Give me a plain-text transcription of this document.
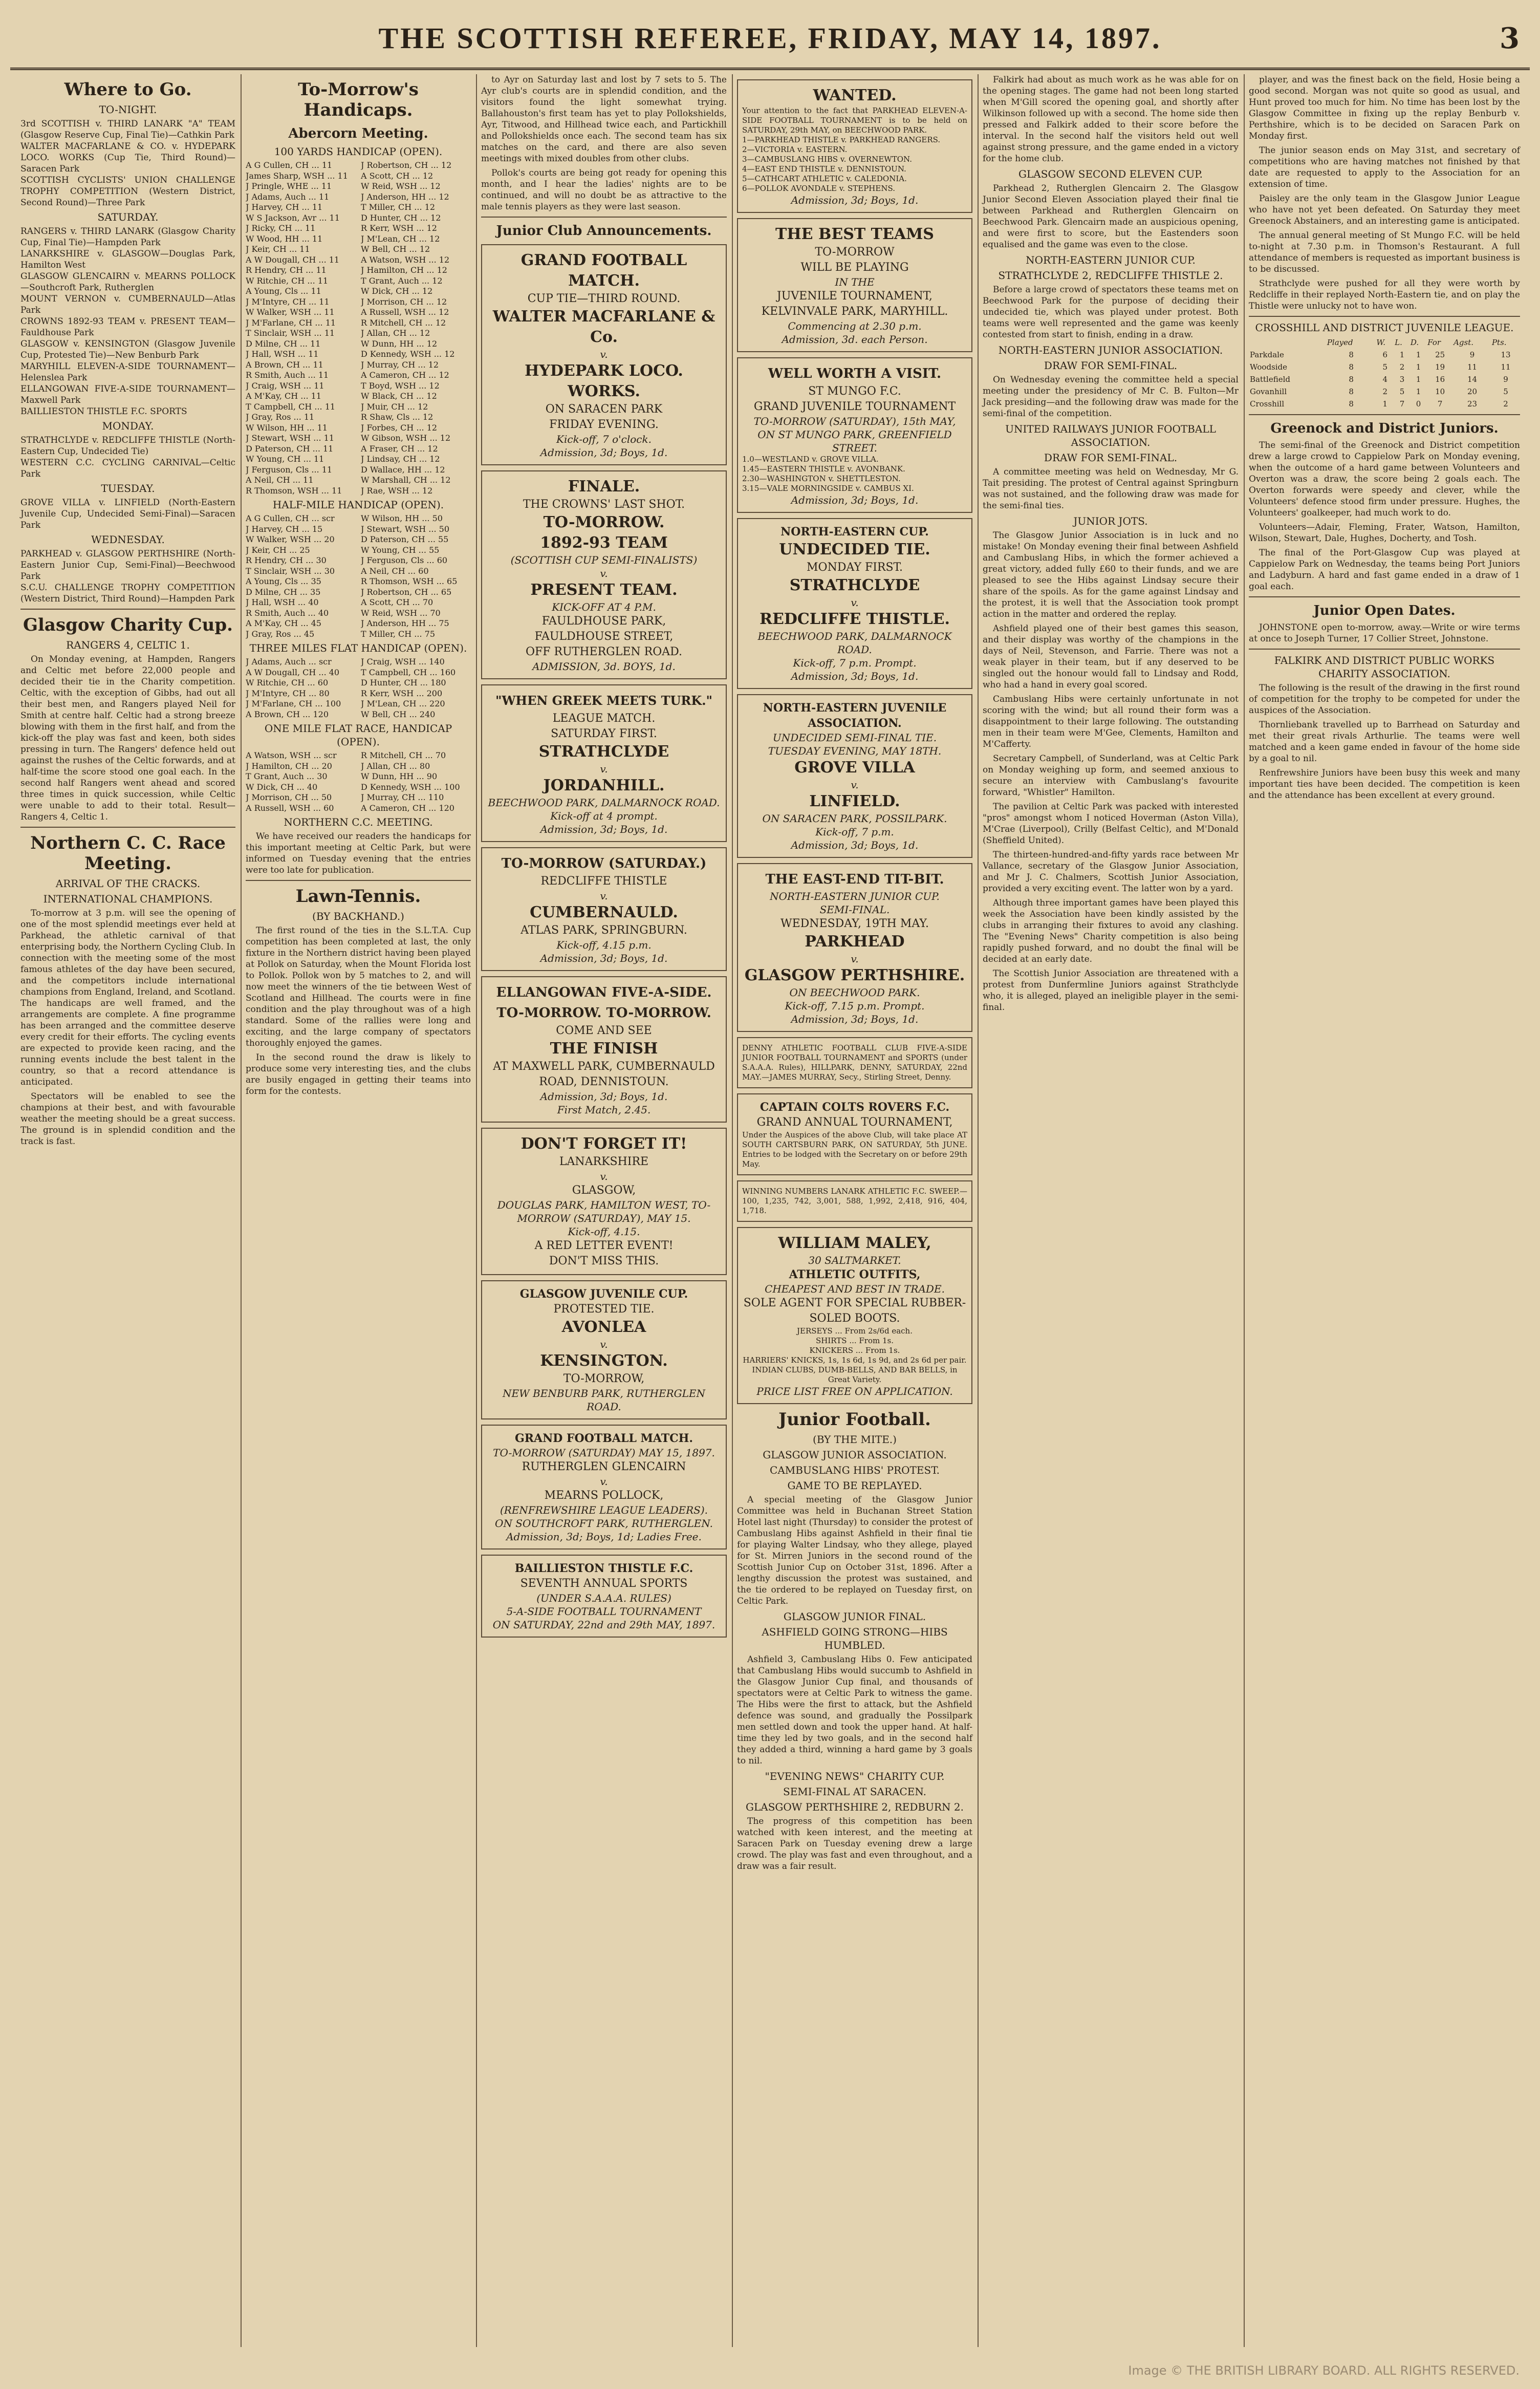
THE SCOTTISH REFEREE, FRIDAY, MAY 14, 1897.	3
Where to Go.
TO-NIGHT.
3rd SCOTTISH v. THIRD LANARK "A" TEAM (Glasgow Reserve Cup, Final Tie)—Cathkin Park
WALTER MACFARLANE & CO. v. HYDEPARK LOCO. WORKS (Cup Tie, Third Round)—Saracen Park
SCOTTISH CYCLISTS' UNION CHALLENGE TROPHY COMPETITION (Western District, Second Round)—Three Park
SATURDAY.
RANGERS v. THIRD LANARK (Glasgow Charity Cup, Final Tie)—Hampden Park
LANARKSHIRE v. GLASGOW—Douglas Park, Hamilton West
GLASGOW GLENCAIRN v. MEARNS POLLOCK—Southcroft Park, Rutherglen
MOUNT VERNON v. CUMBERNAULD—Atlas Park
CROWNS 1892-93 TEAM v. PRESENT TEAM—Fauldhouse Park
GLASGOW v. KENSINGTON (Glasgow Juvenile Cup, Protested Tie)—New Benburb Park
MARYHILL ELEVEN-A-SIDE TOURNAMENT—Helenslea Park
ELLANGOWAN FIVE-A-SIDE TOURNAMENT—Maxwell Park
BAILLIESTON THISTLE F.C. SPORTS
MONDAY.
STRATHCLYDE v. REDCLIFFE THISTLE (North-Eastern Cup, Undecided Tie)
WESTERN C.C. CYCLING CARNIVAL—Celtic Park
TUESDAY.
GROVE VILLA v. LINFIELD (North-Eastern Juvenile Cup, Undecided Semi-Final)—Saracen Park
WEDNESDAY.
PARKHEAD v. GLASGOW PERTHSHIRE (North-Eastern Junior Cup, Semi-Final)—Beechwood Park
S.C.U. CHALLENGE TROPHY COMPETITION (Western District, Third Round)—Hampden Park
Glasgow Charity Cup.
RANGERS 4, CELTIC 1.

On Monday evening, at Hampden, Rangers and Celtic met before 22,000 people and decided their tie in the Charity competition. Celtic, with the exception of Gibbs, had out all their best men, and Rangers played Neil for Smith at centre half. Celtic had a strong breeze blowing with them in the first half, and from the kick-off the play was fast and keen, both sides pressing in turn. The Rangers' defence held out against the rushes of the Celtic forwards, and at half-time the score stood one goal each. In the second half Rangers went ahead and scored three times in quick succession, while Celtic were unable to add to their total. Result—Rangers 4, Celtic 1.

Northern C. C. Race Meeting.
ARRIVAL OF THE CRACKS.
INTERNATIONAL CHAMPIONS.

To-morrow at 3 p.m. will see the opening of one of the most splendid meetings ever held at Parkhead, the athletic carnival of that enterprising body, the Northern Cycling Club. In connection with the meeting some of the most famous athletes of the day have been secured, and the competitors include international champions from England, Ireland, and Scotland. The handicaps are well framed, and the arrangements are complete. A fine programme has been arranged and the committee deserve every credit for their efforts. The cycling events are expected to provide keen racing, and the running events include the best talent in the country, so that a record attendance is anticipated.

Spectators will be enabled to see the champions at their best, and with favourable weather the meeting should be a great success. The ground is in splendid condition and the track is fast.

To-Morrow's Handicaps.
Abercorn Meeting.
100 YARDS HANDICAP (OPEN).
A G Cullen, CH ... 11
James Sharp, WSH ... 11
J Pringle, WHE ... 11
J Adams, Auch ... 11
J Harvey, CH ... 11
W S Jackson, Avr ... 11
J Ricky, CH ... 11
W Wood, HH ... 11
J Keir, CH ... 11
A W Dougall, CH ... 11
R Hendry, CH ... 11
W Ritchie, CH ... 11
A Young, Cls ... 11
J M'Intyre, CH ... 11
W Walker, WSH ... 11
J M'Farlane, CH ... 11
T Sinclair, WSH ... 11
D Milne, CH ... 11
J Hall, WSH ... 11
A Brown, CH ... 11
R Smith, Auch ... 11
J Craig, WSH ... 11
A M'Kay, CH ... 11
T Campbell, CH ... 11
J Gray, Ros ... 11
W Wilson, HH ... 11
J Stewart, WSH ... 11
D Paterson, CH ... 11
W Young, CH ... 11
J Ferguson, Cls ... 11
A Neil, CH ... 11
R Thomson, WSH ... 11
J Robertson, CH ... 12
A Scott, CH ... 12
W Reid, WSH ... 12
J Anderson, HH ... 12
T Miller, CH ... 12
D Hunter, CH ... 12
R Kerr, WSH ... 12
J M'Lean, CH ... 12
W Bell, CH ... 12
A Watson, WSH ... 12
J Hamilton, CH ... 12
T Grant, Auch ... 12
W Dick, CH ... 12
J Morrison, CH ... 12
A Russell, WSH ... 12
R Mitchell, CH ... 12
J Allan, CH ... 12
W Dunn, HH ... 12
D Kennedy, WSH ... 12
J Murray, CH ... 12
A Cameron, CH ... 12
T Boyd, WSH ... 12
W Black, CH ... 12
J Muir, CH ... 12
R Shaw, Cls ... 12
J Forbes, CH ... 12
W Gibson, WSH ... 12
A Fraser, CH ... 12
J Lindsay, CH ... 12
D Wallace, HH ... 12
W Marshall, CH ... 12
J Rae, WSH ... 12
HALF-MILE HANDICAP (OPEN).
A G Cullen, CH ... scr
J Harvey, CH ... 15
W Walker, WSH ... 20
J Keir, CH ... 25
R Hendry, CH ... 30
T Sinclair, WSH ... 30
A Young, Cls ... 35
D Milne, CH ... 35
J Hall, WSH ... 40
R Smith, Auch ... 40
A M'Kay, CH ... 45
J Gray, Ros ... 45
W Wilson, HH ... 50
J Stewart, WSH ... 50
D Paterson, CH ... 55
W Young, CH ... 55
J Ferguson, Cls ... 60
A Neil, CH ... 60
R Thomson, WSH ... 65
J Robertson, CH ... 65
A Scott, CH ... 70
W Reid, WSH ... 70
J Anderson, HH ... 75
T Miller, CH ... 75
THREE MILES FLAT HANDICAP (OPEN).
J Adams, Auch ... scr
A W Dougall, CH ... 40
W Ritchie, CH ... 60
J M'Intyre, CH ... 80
J M'Farlane, CH ... 100
A Brown, CH ... 120
J Craig, WSH ... 140
T Campbell, CH ... 160
D Hunter, CH ... 180
R Kerr, WSH ... 200
J M'Lean, CH ... 220
W Bell, CH ... 240
ONE MILE FLAT RACE, HANDICAP (OPEN).
A Watson, WSH ... scr
J Hamilton, CH ... 20
T Grant, Auch ... 30
W Dick, CH ... 40
J Morrison, CH ... 50
A Russell, WSH ... 60
R Mitchell, CH ... 70
J Allan, CH ... 80
W Dunn, HH ... 90
D Kennedy, WSH ... 100
J Murray, CH ... 110
A Cameron, CH ... 120
NORTHERN C.C. MEETING.

We have received our readers the handicaps for this important meeting at Celtic Park, but were informed on Tuesday evening that the entries were too late for publication.

Lawn-Tennis.
(BY BACKHAND.)

The first round of the ties in the S.L.T.A. Cup competition has been completed at last, the only fixture in the Northern district having been played at Pollok on Saturday, when the Mount Florida lost to Pollok. Pollok won by 5 matches to 2, and will now meet the winners of the tie between West of Scotland and Hillhead. The courts were in fine condition and the play throughout was of a high standard. Some of the rallies were long and exciting, and the large company of spectators thoroughly enjoyed the games.

In the second round the draw is likely to produce some very interesting ties, and the clubs are busily engaged in getting their teams into form for the contests.

to Ayr on Saturday last and lost by 7 sets to 5. The Ayr club's courts are in splendid condition, and the visitors found the light somewhat trying. Ballahouston's first team has yet to play Pollokshields, Ayr, Titwood, and Hillhead twice each, and Partickhill and Pollokshields once each. The second team has six matches on the card, and there are also seven meetings with mixed doubles from other clubs.

Pollok's courts are being got ready for opening this month, and I hear the ladies' nights are to be continued, and will no doubt be as attractive to the male tennis players as they were last season.

Junior Club Announcements.
GRAND FOOTBALL MATCH.
CUP TIE—THIRD ROUND.
WALTER MACFARLANE & Co.
v.
HYDEPARK LOCO. WORKS.
ON SARACEN PARK
FRIDAY EVENING.
Kick-off, 7 o'clock.
Admission, 3d; Boys, 1d.
FINALE.
THE CROWNS' LAST SHOT.
TO-MORROW.
1892-93 TEAM
(SCOTTISH CUP SEMI-FINALISTS)
v.
PRESENT TEAM.
KICK-OFF AT 4 P.M.
FAULDHOUSE PARK,
FAULDHOUSE STREET,
OFF RUTHERGLEN ROAD.
ADMISSION, 3d. BOYS, 1d.
"WHEN GREEK MEETS TURK."
LEAGUE MATCH.
SATURDAY FIRST.
STRATHCLYDE
v.
JORDANHILL.
BEECHWOOD PARK, DALMARNOCK ROAD.
Kick-off at 4 prompt.
Admission, 3d; Boys, 1d.
TO-MORROW (SATURDAY.)
REDCLIFFE THISTLE
v.
CUMBERNAULD.
ATLAS PARK, SPRINGBURN.
Kick-off, 4.15 p.m.
Admission, 3d; Boys, 1d.
ELLANGOWAN FIVE-A-SIDE.
TO-MORROW. TO-MORROW.
COME AND SEE
THE FINISH
AT MAXWELL PARK, CUMBERNAULD ROAD, DENNISTOUN.
Admission, 3d; Boys, 1d.
First Match, 2.45.
DON'T FORGET IT!
LANARKSHIRE
v.
GLASGOW,
DOUGLAS PARK, HAMILTON WEST, TO-MORROW (SATURDAY), MAY 15.
Kick-off, 4.15.
A RED LETTER EVENT!
DON'T MISS THIS.
GLASGOW JUVENILE CUP.
PROTESTED TIE.
AVONLEA
v.
KENSINGTON.
TO-MORROW,
NEW BENBURB PARK, RUTHERGLEN ROAD.
GRAND FOOTBALL MATCH.
TO-MORROW (SATURDAY) MAY 15, 1897.
RUTHERGLEN GLENCAIRN
v.
MEARNS POLLOCK,
(RENFREWSHIRE LEAGUE LEADERS).
ON SOUTHCROFT PARK, RUTHERGLEN.
Admission, 3d; Boys, 1d; Ladies Free.
BAILLIESTON THISTLE F.C.
SEVENTH ANNUAL SPORTS
(UNDER S.A.A.A. RULES)
5-A-SIDE FOOTBALL TOURNAMENT
ON SATURDAY, 22nd and 29th MAY, 1897.
WANTED.
Your attention to the fact that PARKHEAD ELEVEN-A-SIDE FOOTBALL TOURNAMENT is to be held on SATURDAY, 29th MAY, on BEECHWOOD PARK.
1—PARKHEAD THISTLE v. PARKHEAD RANGERS.
2—VICTORIA v. EASTERN.
3—CAMBUSLANG HIBS v. OVERNEWTON.
4—EAST END THISTLE v. DENNISTOUN.
5—CATHCART ATHLETIC v. CALEDONIA.
6—POLLOK AVONDALE v. STEPHENS.
Admission, 3d; Boys, 1d.
THE BEST TEAMS
TO-MORROW
WILL BE PLAYING
IN THE
JUVENILE TOURNAMENT,
KELVINVALE PARK, MARYHILL.
Commencing at 2.30 p.m.
Admission, 3d. each Person.
WELL WORTH A VISIT.
ST MUNGO F.C.
GRAND JUVENILE TOURNAMENT
TO-MORROW (SATURDAY), 15th MAY,
ON ST MUNGO PARK, GREENFIELD STREET.
1.0—WESTLAND v. GROVE VILLA.
1.45—EASTERN THISTLE v. AVONBANK.
2.30—WASHINGTON v. SHETTLESTON.
3.15—VALE MORNINGSIDE v. CAMBUS XI.
Admission, 3d; Boys, 1d.
NORTH-EASTERN CUP.
UNDECIDED TIE.
MONDAY FIRST.
STRATHCLYDE
v.
REDCLIFFE THISTLE.
BEECHWOOD PARK, DALMARNOCK ROAD.
Kick-off, 7 p.m. Prompt.
Admission, 3d; Boys, 1d.
NORTH-EASTERN JUVENILE ASSOCIATION.
UNDECIDED SEMI-FINAL TIE.
TUESDAY EVENING, MAY 18TH.
GROVE VILLA
v.
LINFIELD.
ON SARACEN PARK, POSSILPARK.
Kick-off, 7 p.m.
Admission, 3d; Boys, 1d.
THE EAST-END TIT-BIT.
NORTH-EASTERN JUNIOR CUP.
SEMI-FINAL.
WEDNESDAY, 19TH MAY.
PARKHEAD
v.
GLASGOW PERTHSHIRE.
ON BEECHWOOD PARK.
Kick-off, 7.15 p.m. Prompt.
Admission, 3d; Boys, 1d.
DENNY ATHLETIC FOOTBALL CLUB FIVE-A-SIDE JUNIOR FOOTBALL TOURNAMENT and SPORTS (under S.A.A.A. Rules), HILLPARK, DENNY, SATURDAY, 22nd MAY.—JAMES MURRAY, Secy., Stirling Street, Denny.
CAPTAIN COLTS ROVERS F.C.
GRAND ANNUAL TOURNAMENT,
Under the Auspices of the above Club, will take place AT SOUTH CARTSBURN PARK, ON SATURDAY, 5th JUNE. Entries to be lodged with the Secretary on or before 29th May.
WINNING NUMBERS LANARK ATHLETIC F.C. SWEEP.—100, 1,235, 742, 3,001, 588, 1,992, 2,418, 916, 404, 1,718.
WILLIAM MALEY,
30 SALTMARKET.
ATHLETIC OUTFITS,
CHEAPEST AND BEST IN TRADE.
SOLE AGENT FOR SPECIAL RUBBER-SOLED BOOTS.
JERSEYS ... From 2s/6d each.
SHIRTS ... From 1s.
KNICKERS ... From 1s.
HARRIERS' KNICKS, 1s, 1s 6d, 1s 9d, and 2s 6d per pair.
INDIAN CLUBS, DUMB-BELLS, AND BAR BELLS, in Great Variety.
PRICE LIST FREE ON APPLICATION.
Junior Football.
(BY THE MITE.)
GLASGOW JUNIOR ASSOCIATION.
CAMBUSLANG HIBS' PROTEST.
GAME TO BE REPLAYED.

A special meeting of the Glasgow Junior Committee was held in Buchanan Street Station Hotel last night (Thursday) to consider the protest of Cambuslang Hibs against Ashfield in their final tie for playing Walter Lindsay, who they allege, played for St. Mirren Juniors in the second round of the Scottish Junior Cup on October 31st, 1896. After a lengthy discussion the protest was sustained, and the tie ordered to be replayed on Tuesday first, on Celtic Park.

GLASGOW JUNIOR FINAL.
ASHFIELD GOING STRONG—HIBS HUMBLED.

Ashfield 3, Cambuslang Hibs 0. Few anticipated that Cambuslang Hibs would succumb to Ashfield in the Glasgow Junior Cup final, and thousands of spectators were at Celtic Park to witness the game. The Hibs were the first to attack, but the Ashfield defence was sound, and gradually the Possilpark men settled down and took the upper hand. At half-time they led by two goals, and in the second half they added a third, winning a hard game by 3 goals to nil.

"EVENING NEWS" CHARITY CUP.
SEMI-FINAL AT SARACEN.
GLASGOW PERTHSHIRE 2, REDBURN 2.

The progress of this competition has been watched with keen interest, and the meeting at Saracen Park on Tuesday evening drew a large crowd. The play was fast and even throughout, and a draw was a fair result.

Falkirk had about as much work as he was able for on the opening stages. The game had not been long started when M'Gill scored the opening goal, and shortly after Wilkinson followed up with a second. The home side then pressed and Falkirk added to their score before the interval. In the second half the visitors held out well against strong pressure, and the game ended in a victory for the home club.

GLASGOW SECOND ELEVEN CUP.

Parkhead 2, Rutherglen Glencairn 2. The Glasgow Junior Second Eleven Association played their final tie between Parkhead and Rutherglen Glencairn on Beechwood Park. Glencairn made an auspicious opening, and were first to score, but the Eastenders soon equalised and the game was even to the close.

NORTH-EASTERN JUNIOR CUP.
STRATHCLYDE 2, REDCLIFFE THISTLE 2.

Before a large crowd of spectators these teams met on Beechwood Park for the purpose of deciding their undecided tie, which was played under protest. Both teams were well represented and the game was keenly contested from start to finish, ending in a draw.

NORTH-EASTERN JUNIOR ASSOCIATION.
DRAW FOR SEMI-FINAL.

On Wednesday evening the committee held a special meeting under the presidency of Mr C. B. Fulton—Mr Jack presiding—and the following draw was made for the semi-final of the competition.

UNITED RAILWAYS JUNIOR FOOTBALL ASSOCIATION.
DRAW FOR SEMI-FINAL.

A committee meeting was held on Wednesday, Mr G. Tait presiding. The protest of Central against Springburn was not sustained, and the following draw was made for the semi-final ties.

JUNIOR JOTS.

The Glasgow Junior Association is in luck and no mistake! On Monday evening their final between Ashfield and Cambuslang Hibs, in which the former achieved a great victory, added fully £60 to their funds, and we are pleased to see the Hibs against Lindsay secure their share of the spoils. As for the game against Lindsay and the protest, it is well that the Association took prompt action in the matter and ordered the replay.

Ashfield played one of their best games this season, and their display was worthy of the champions in the days of Neil, Stevenson, and Farrie. There was not a weak player in their team, but if any deserved to be singled out the honour would fall to Lindsay and Rodd, who had a hand in every goal scored.

Cambuslang Hibs were certainly unfortunate in not scoring with the wind; but all round their form was a disappointment to their large following. The outstanding men in their team were M'Gee, Clements, Hamilton and M'Cafferty.

Secretary Campbell, of Sunderland, was at Celtic Park on Monday weighing up form, and seemed anxious to secure an interview with Cambuslang's favourite forward, "Whistler" Hamilton.

The pavilion at Celtic Park was packed with interested "pros" amongst whom I noticed Hoverman (Aston Villa), M'Crae (Liverpool), Crilly (Belfast Celtic), and M'Donald (Sheffield United).

The thirteen-hundred-and-fifty yards race between Mr Vallance, secretary of the Glasgow Junior Association, and Mr J. C. Chalmers, Scottish Junior Association, provided a very exciting event. The latter won by a yard.

Although three important games have been played this week the Association have been kindly assisted by the clubs in arranging their fixtures to avoid any clashing. The "Evening News" Charity competition is also being rapidly pushed forward, and no doubt the final will be decided at an early date.

The Scottish Junior Association are threatened with a protest from Dunfermline Juniors against Strathclyde who, it is alleged, played an ineligible player in the semi-final.

player, and was the finest back on the field, Hosie being a good second. Morgan was not quite so good as usual, and Hunt proved too much for him. No time has been lost by the Glasgow Committee in fixing up the replay Benburb v. Perthshire, which is to be decided on Saracen Park on Monday first.

The junior season ends on May 31st, and secretary of competitions who are having matches not finished by that date are requested to apply to the Association for an extension of time.

Paisley are the only team in the Glasgow Junior League who have not yet been defeated. On Saturday they meet Greenock Abstainers, and an interesting game is anticipated.

The annual general meeting of St Mungo F.C. will be held to-night at 7.30 p.m. in Thomson's Restaurant. A full attendance of members is requested as important business is to be discussed.

Strathclyde were pushed for all they were worth by Redcliffe in their replayed North-Eastern tie, and on play the Thistle were unlucky not to have won.

CROSSHILL AND DISTRICT JUVENILE LEAGUE.
	Played	W.	L.	D.	For	Agst.	Pts.
Parkdale	8	6	1	1	25	9	13
Woodside	8	5	2	1	19	11	11
Battlefield	8	4	3	1	16	14	9
Govanhill	8	2	5	1	10	20	5
Crosshill	8	1	7	0	7	23	2
Greenock and District Juniors.

The semi-final of the Greenock and District competition drew a large crowd to Cappielow Park on Monday evening, when the outcome of a hard game between Volunteers and Overton was a draw, the score being 2 goals each. The Overton forwards were speedy and clever, while the Volunteers' defence stood firm under pressure. Hughes, the Volunteers' goalkeeper, had much work to do.

Volunteers—Adair, Fleming, Frater, Watson, Hamilton, Wilson, Stewart, Dale, Hughes, Docherty, and Tosh.

The final of the Port-Glasgow Cup was played at Cappielow Park on Wednesday, the teams being Port Juniors and Ladyburn. A hard and fast game ended in a draw of 1 goal each.

Junior Open Dates.

JOHNSTONE open to-morrow, away.—Write or wire terms at once to Joseph Turner, 17 Collier Street, Johnstone.

FALKIRK AND DISTRICT PUBLIC WORKS CHARITY ASSOCIATION.

The following is the result of the drawing in the first round of competition for the trophy to be competed for under the auspices of the Association.

Thornliebank travelled up to Barrhead on Saturday and met their great rivals Arthurlie. The teams were well matched and a keen game ended in favour of the home side by a goal to nil.

Renfrewshire Juniors have been busy this week and many important ties have been decided. The competition is keen and the attendance has been excellent at every ground.

Image © THE BRITISH LIBRARY BOARD. ALL RIGHTS RESERVED.
